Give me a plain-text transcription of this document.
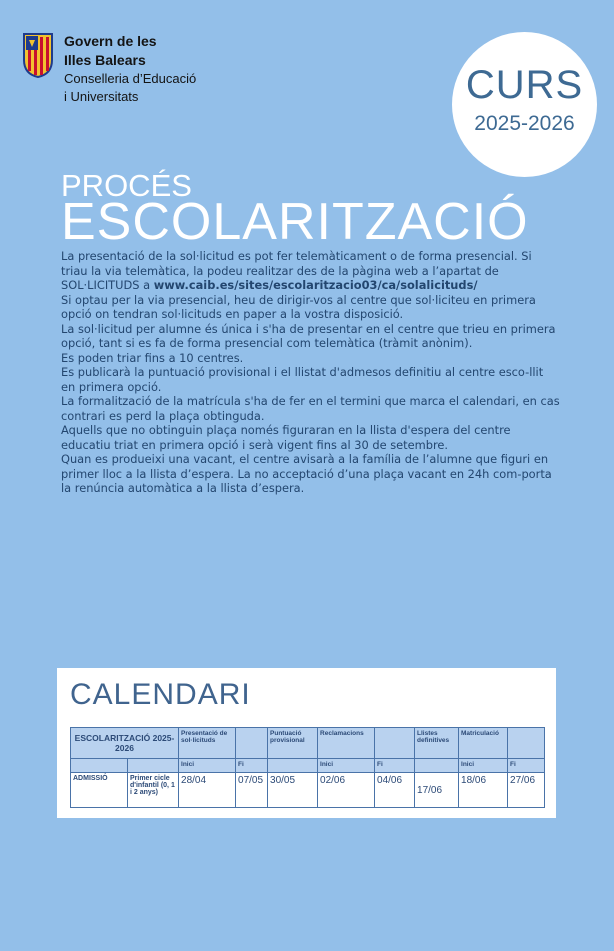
Govern de les
Illes Balears
Conselleria d’Educació
i Universitats	CURS
2025-2026
PROCÉS
ESCOLARITZACIÓ

La presentació de la sol·licitud es pot fer telemàticament o de forma presencial. Si triau la via telemàtica, la podeu realitzar des de la pàgina web a l’apartat de SOL·LICITUDS a www.caib.es/sites/escolaritzacio03/ca/solalicituds/

Si optau per la via presencial, heu de dirigir-vos al centre que sol·liciteu en primera opció on tendran sol·licituds en paper a la vostra disposició.

La sol·licitud per alumne és única i s'ha de presentar en el centre que trieu en primera opció, tant si es fa de forma presencial com telemàtica (tràmit anònim).

Es poden triar fins a 10 centres.

Es publicarà la puntuació provisional i el llistat d'admesos definitiu al centre esco-llit en primera opció.

La formalització de la matrícula s'ha de fer en el termini que marca el calendari, en cas contrari es perd la plaça obtinguda.

Aquells que no obtinguin plaça només figuraran en la llista d'espera del centre educatiu triat en primera opció i serà vigent fins al 30 de setembre.

Quan es produeixi una vacant, el centre avisarà a la família de l’alumne que figuri en primer lloc a la llista d’espera. La no acceptació d’una plaça vacant en 24h com-porta la renúncia automàtica a la llista d’espera.

CALENDARI
ESCOLARITZACIÓ 2025-2026		Presentació de sol·licituds		Puntuació provisional	Reclamacions		Llistes definitives	Matriculació	
		Inici	Fi		Inici	Fi		Inici	Fi
ADMISSIÓ	Primer cicle d'infantil (0, 1 i 2 anys)	28/04	07/05	30/05	02/06	04/06	17/06	18/06	27/06
